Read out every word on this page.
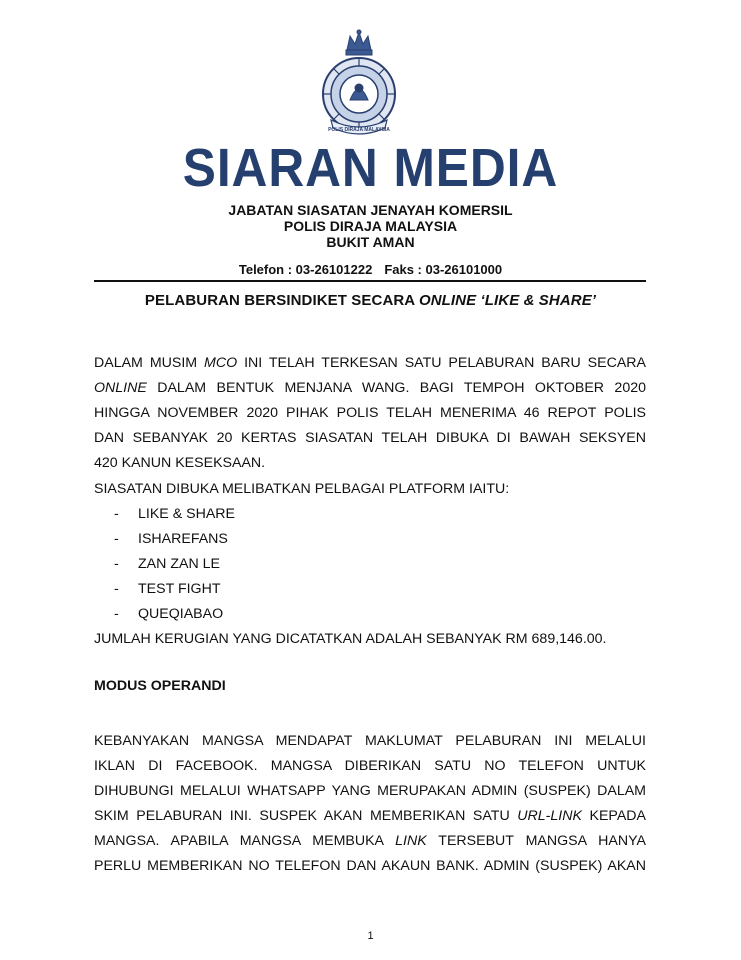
POLIS DIRAJA MALAYSIA
SIARAN MEDIA
JABATAN SIASATAN JENAYAH KOMERSIL
POLIS DIRAJA MALAYSIA
BUKIT AMAN
Telefon : 03-26101222 Faks : 03-26101000
PELABURAN BERSINDIKET SECARA ONLINE ‘LIKE & SHARE’
DALAM MUSIM MCO INI TELAH TERKESAN SATU PELABURAN BARU SECARA
ONLINE DALAM BENTUK MENJANA WANG. BAGI TEMPOH OKTOBER 2020
HINGGA NOVEMBER 2020 PIHAK POLIS TELAH MENERIMA 46 REPOT POLIS
DAN SEBANYAK 20 KERTAS SIASATAN TELAH DIBUKA DI BAWAH SEKSYEN
420 KANUN KESEKSAAN.
SIASATAN DIBUKA MELIBATKAN PELBAGAI PLATFORM IAITU:
- LIKE & SHARE
- ISHAREFANS
- ZAN ZAN LE
- TEST FIGHT
- QUEQIABAO
JUMLAH KERUGIAN YANG DICATATKAN ADALAH SEBANYAK RM 689,146.00.
MODUS OPERANDI
KEBANYAKAN MANGSA MENDAPAT MAKLUMAT PELABURAN INI MELALUI
IKLAN DI FACEBOOK. MANGSA DIBERIKAN SATU NO TELEFON UNTUK
DIHUBUNGI MELALUI WHATSAPP YANG MERUPAKAN ADMIN (SUSPEK) DALAM
SKIM PELABURAN INI. SUSPEK AKAN MEMBERIKAN SATU URL-LINK KEPADA
MANGSA. APABILA MANGSA MEMBUKA LINK TERSEBUT MANGSA HANYA
PERLU MEMBERIKAN NO TELEFON DAN AKAUN BANK. ADMIN (SUSPEK) AKAN
1
